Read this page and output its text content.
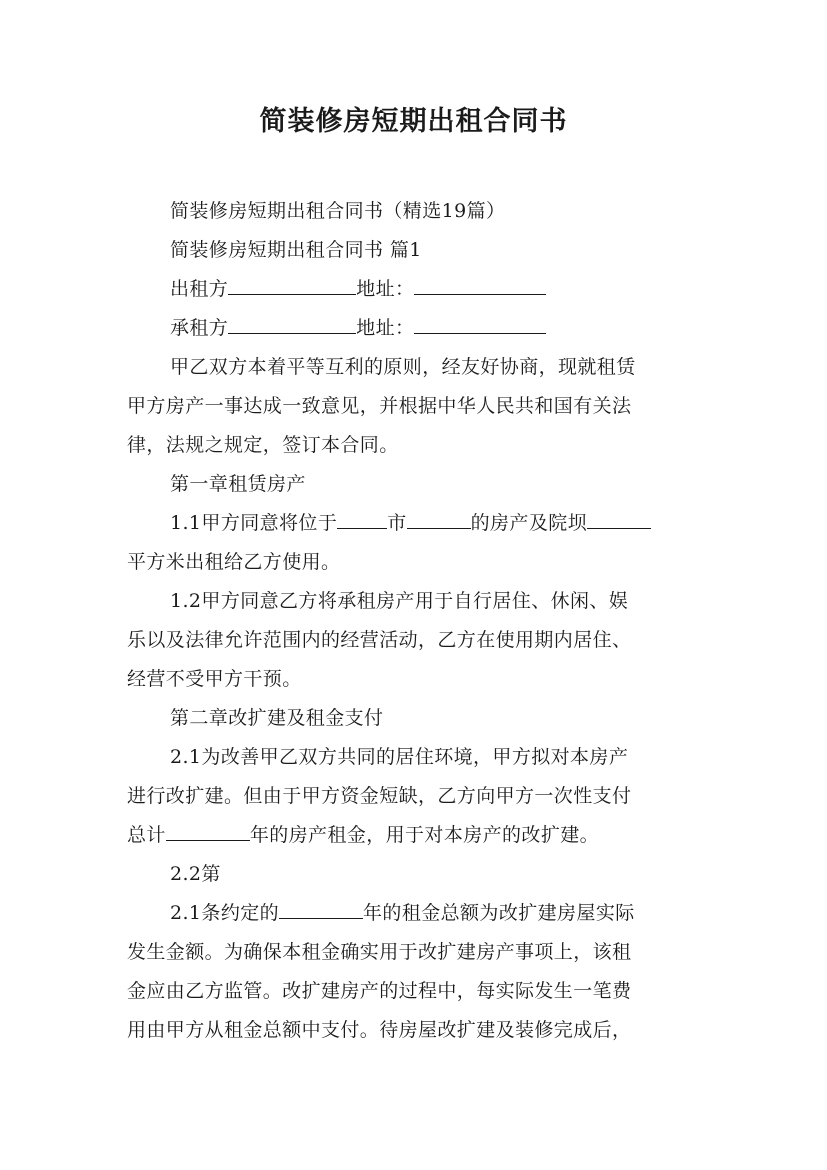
简装修房短期出租合同书
简装修房短期出租合同书（精选19篇）
简装修房短期出租合同书 篇1
出租方	地址：
承租方	地址：
甲乙双方本着平等互利的原则，经友好协商，现就租赁
甲方房产一事达成一致意见，并根据中华人民共和国有关法
律，法规之规定，签订本合同。
第一章租赁房产
1.1甲方同意将位于	市	的房产及院坝
平方米出租给乙方使用。
1.2甲方同意乙方将承租房产用于自行居住、休闲、娱
乐以及法律允许范围内的经营活动，乙方在使用期内居住、
经营不受甲方干预。
第二章改扩建及租金支付
2.1为改善甲乙双方共同的居住环境，甲方拟对本房产
进行改扩建。但由于甲方资金短缺，乙方向甲方一次性支付
总计	年的房产租金，用于对本房产的改扩建。
2.2第
2.1条约定的	年的租金总额为改扩建房屋实际
发生金额。为确保本租金确实用于改扩建房产事项上，该租
金应由乙方监管。改扩建房产的过程中，每实际发生一笔费
用由甲方从租金总额中支付。待房屋改扩建及装修完成后，
